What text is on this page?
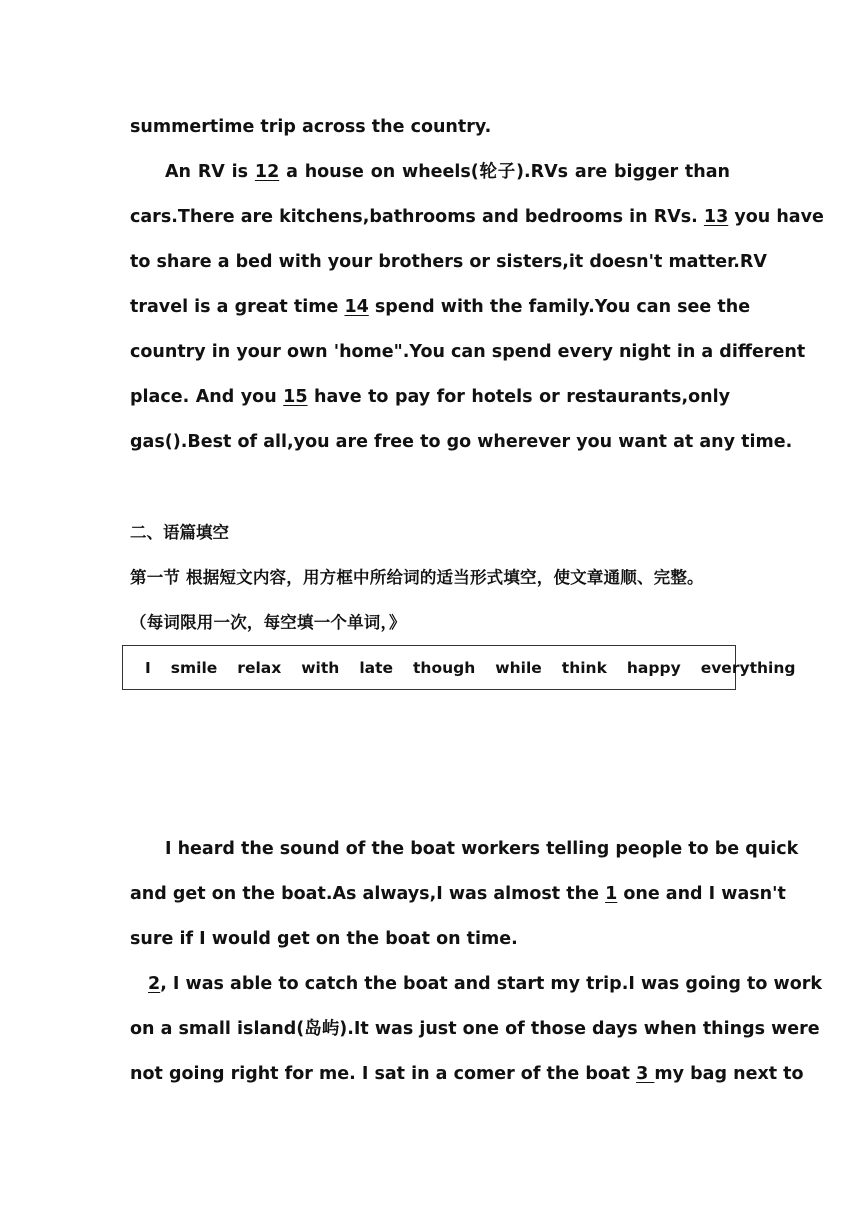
summertime trip across the country.
An RV is 12 a house on wheels(轮子).RVs are bigger than
cars.There are kitchens,bathrooms and bedrooms in RVs. 13 you have
to share a bed with your brothers or sisters,it doesn't matter.RV
travel is a great time 14 spend with the family.You can see the
country in your own 'home".You can spend every night in a different
place. And you 15 have to pay for hotels or restaurants,only
gas().Best of all,you are free to go wherever you want at any time.
二、语篇填空
第一节 根据短文内容，用方框中所给词的适当形式填空，使文章通顺、完整。
（每词限用一次，每空填一个单词，》
I smile relax with late though while think happy everything
I heard the sound of the boat workers telling people to be quick
and get on the boat.As always,I was almost the 1 one and I wasn't
sure if I would get on the boat on time.
2, I was able to catch the boat and start my trip.I was going to work
on a small island(岛屿).It was just one of those days when things were
not going right for me. I sat in a comer of the boat 3 my bag next to
